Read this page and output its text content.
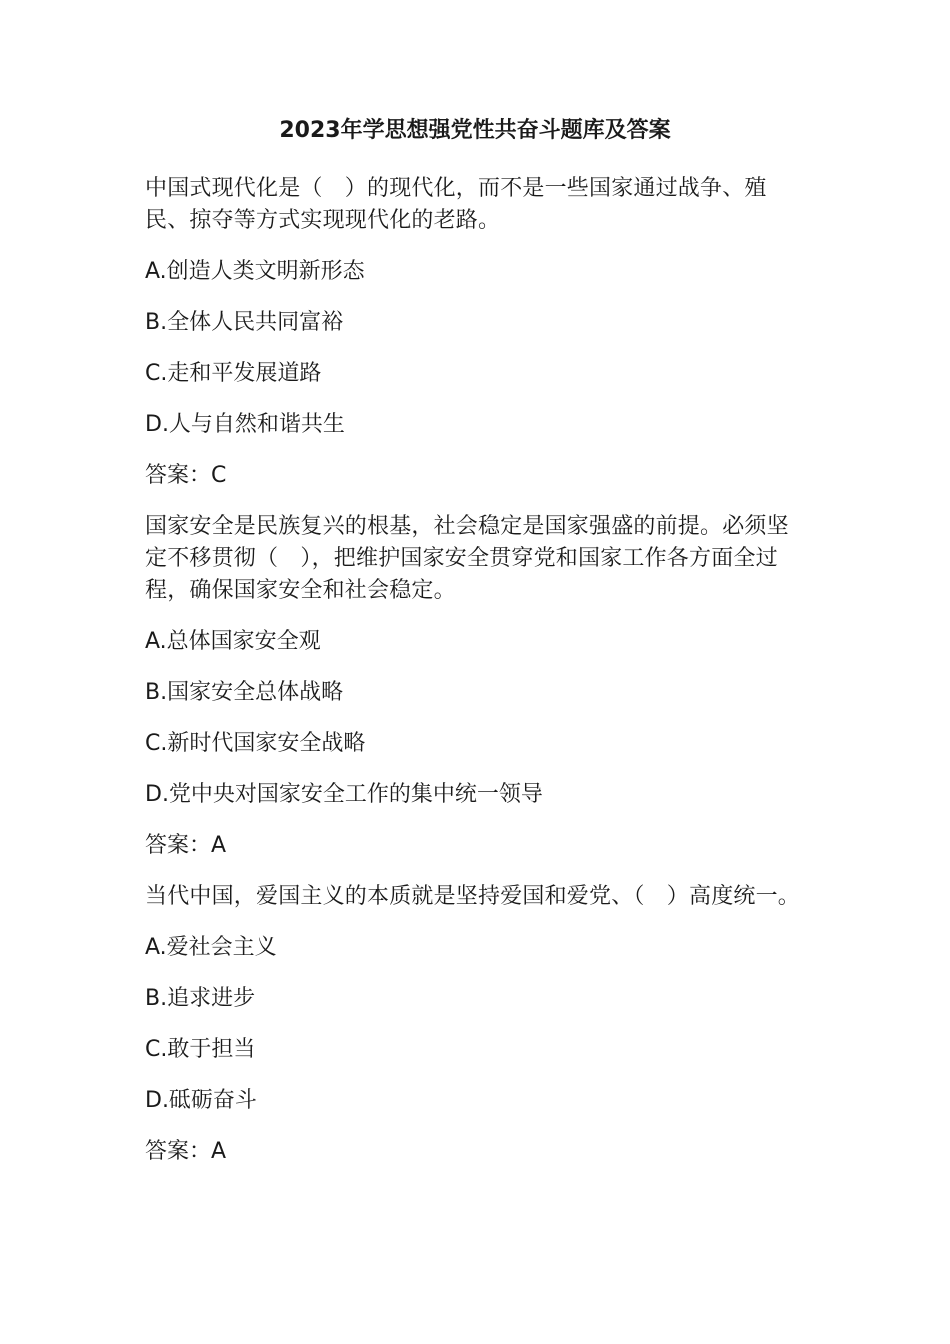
2023年学思想强党性共奋斗题库及答案

中国式现代化是（　）的现代化，而不是一些国家通过战争、殖民、掠夺等方式实现现代化的老路。

A.创造人类文明新形态

B.全体人民共同富裕

C.走和平发展道路

D.人与自然和谐共生

答案：C

国家安全是民族复兴的根基，社会稳定是国家强盛的前提。必须坚定不移贯彻（　），把维护国家安全贯穿党和国家工作各方面全过程，确保国家安全和社会稳定。

A.总体国家安全观

B.国家安全总体战略

C.新时代国家安全战略

D.党中央对国家安全工作的集中统一领导

答案：A

当代中国，爱国主义的本质就是坚持爱国和爱党、（　）高度统一。

A.爱社会主义

B.追求进步

C.敢于担当

D.砥砺奋斗

答案：A
